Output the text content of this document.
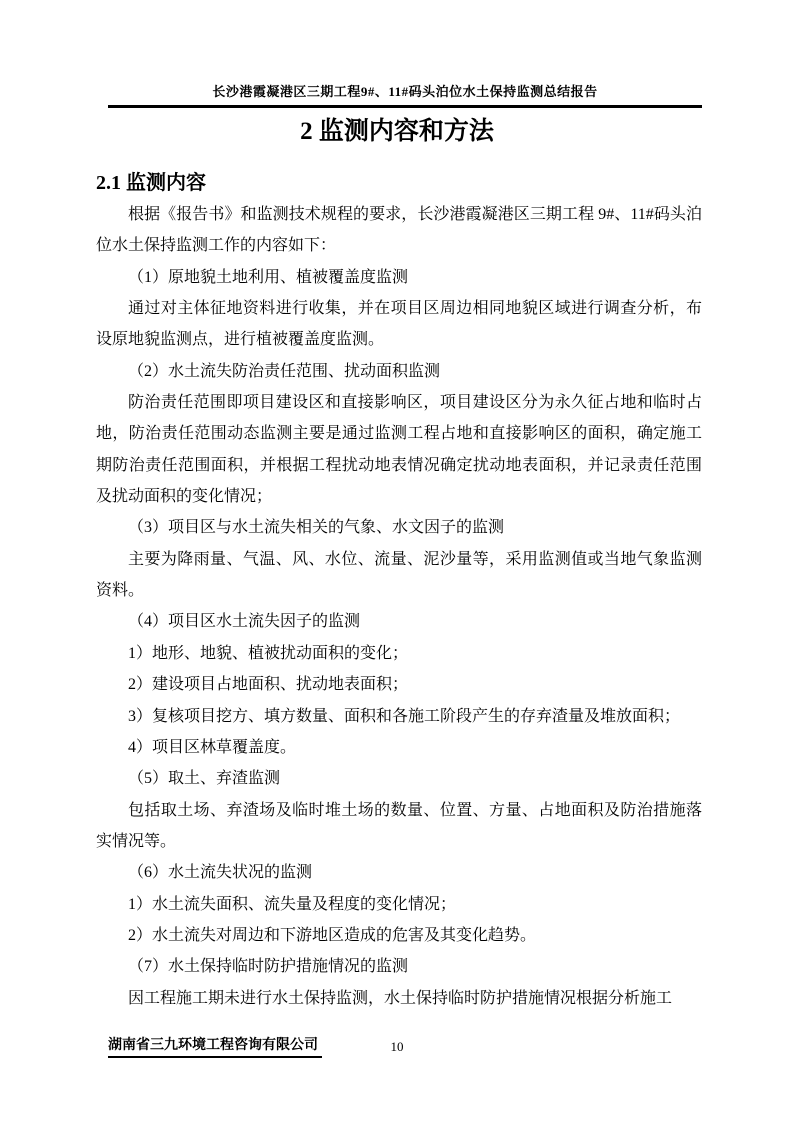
长沙港霞凝港区三期工程9#、11#码头泊位水土保持监测总结报告
2 监测内容和方法
2.1 监测内容

根据《报告书》和监测技术规程的要求，长沙港霞凝港区三期工程 9#、11#码头泊位水土保持监测工作的内容如下：

（1）原地貌土地利用、植被覆盖度监测

通过对主体征地资料进行收集，并在项目区周边相同地貌区域进行调查分析，布设原地貌监测点，进行植被覆盖度监测。

（2）水土流失防治责任范围、扰动面积监测

防治责任范围即项目建设区和直接影响区，项目建设区分为永久征占地和临时占地，防治责任范围动态监测主要是通过监测工程占地和直接影响区的面积，确定施工期防治责任范围面积，并根据工程扰动地表情况确定扰动地表面积，并记录责任范围及扰动面积的变化情况；

（3）项目区与水土流失相关的气象、水文因子的监测

主要为降雨量、气温、风、水位、流量、泥沙量等，采用监测值或当地气象监测资料。

（4）项目区水土流失因子的监测

1）地形、地貌、植被扰动面积的变化；

2）建设项目占地面积、扰动地表面积；

3）复核项目挖方、填方数量、面积和各施工阶段产生的存弃渣量及堆放面积；

4）项目区林草覆盖度。

（5）取土、弃渣监测

包括取土场、弃渣场及临时堆土场的数量、位置、方量、占地面积及防治措施落实情况等。

（6）水土流失状况的监测

1）水土流失面积、流失量及程度的变化情况；

2）水土流失对周边和下游地区造成的危害及其变化趋势。

（7）水土保持临时防护措施情况的监测

因工程施工期未进行水土保持监测，水土保持临时防护措施情况根据分析施工

湖南省三九环境工程咨询有限公司	10
